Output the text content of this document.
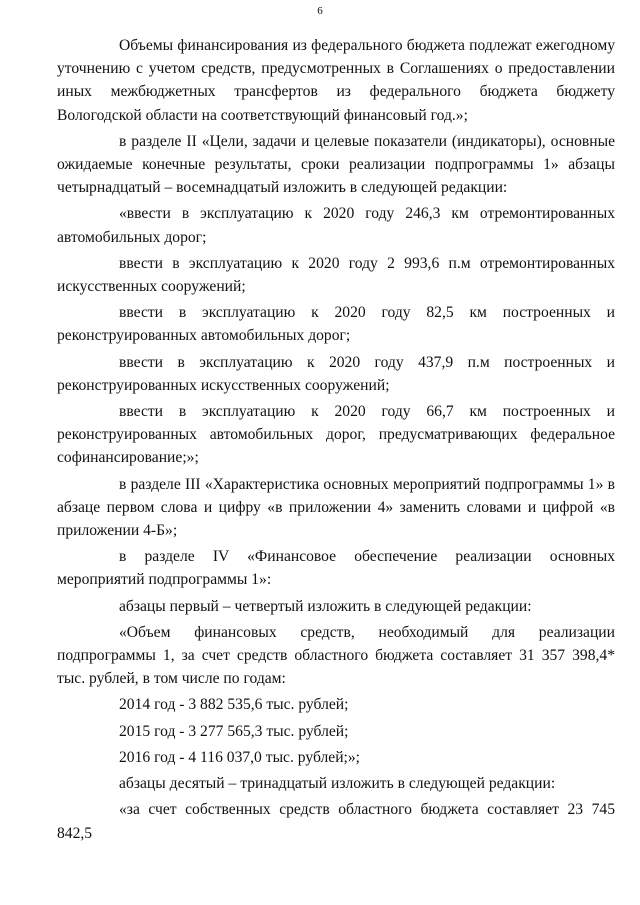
6

Объемы финансирования из федерального бюджета подлежат ежегодному уточнению с учетом средств, предусмотренных в Соглашениях о предоставлении иных межбюджетных трансфертов из федерального бюджета бюджету Вологодской области на соответствующий финансовый год.»;

в разделе II «Цели, задачи и целевые показатели (индикаторы), основные ожидаемые конечные результаты, сроки реализации подпрограммы 1» абзацы четырнадцатый – восемнадцатый изложить в следующей редакции:

«ввести в эксплуатацию к 2020 году 246,3 км отремонтированных автомобильных дорог;

ввести в эксплуатацию к 2020 году 2 993,6 п.м отремонтированных искусственных сооружений;

ввести в эксплуатацию к 2020 году 82,5 км построенных и реконструированных автомобильных дорог;

ввести в эксплуатацию к 2020 году 437,9 п.м построенных и реконструированных искусственных сооружений;

ввести в эксплуатацию к 2020 году 66,7 км построенных и реконструированных автомобильных дорог, предусматривающих федеральное софинансирование;»;

в разделе III «Характеристика основных мероприятий подпрограммы 1» в абзаце первом слова и цифру «в приложении 4» заменить словами и цифрой «в приложении 4-Б»;

в разделе IV «Финансовое обеспечение реализации основных мероприятий подпрограммы 1»:

абзацы первый – четвертый изложить в следующей редакции:

«Объем финансовых средств, необходимый для реализации подпрограммы 1, за счет средств областного бюджета составляет 31 357 398,4* тыс. рублей, в том числе по годам:

2014 год - 3 882 535,6 тыс. рублей;

2015 год - 3 277 565,3 тыс. рублей;

2016 год - 4 116 037,0 тыс. рублей;»;

абзацы десятый – тринадцатый изложить в следующей редакции:

«за счет собственных средств областного бюджета составляет 23 745 842,5
